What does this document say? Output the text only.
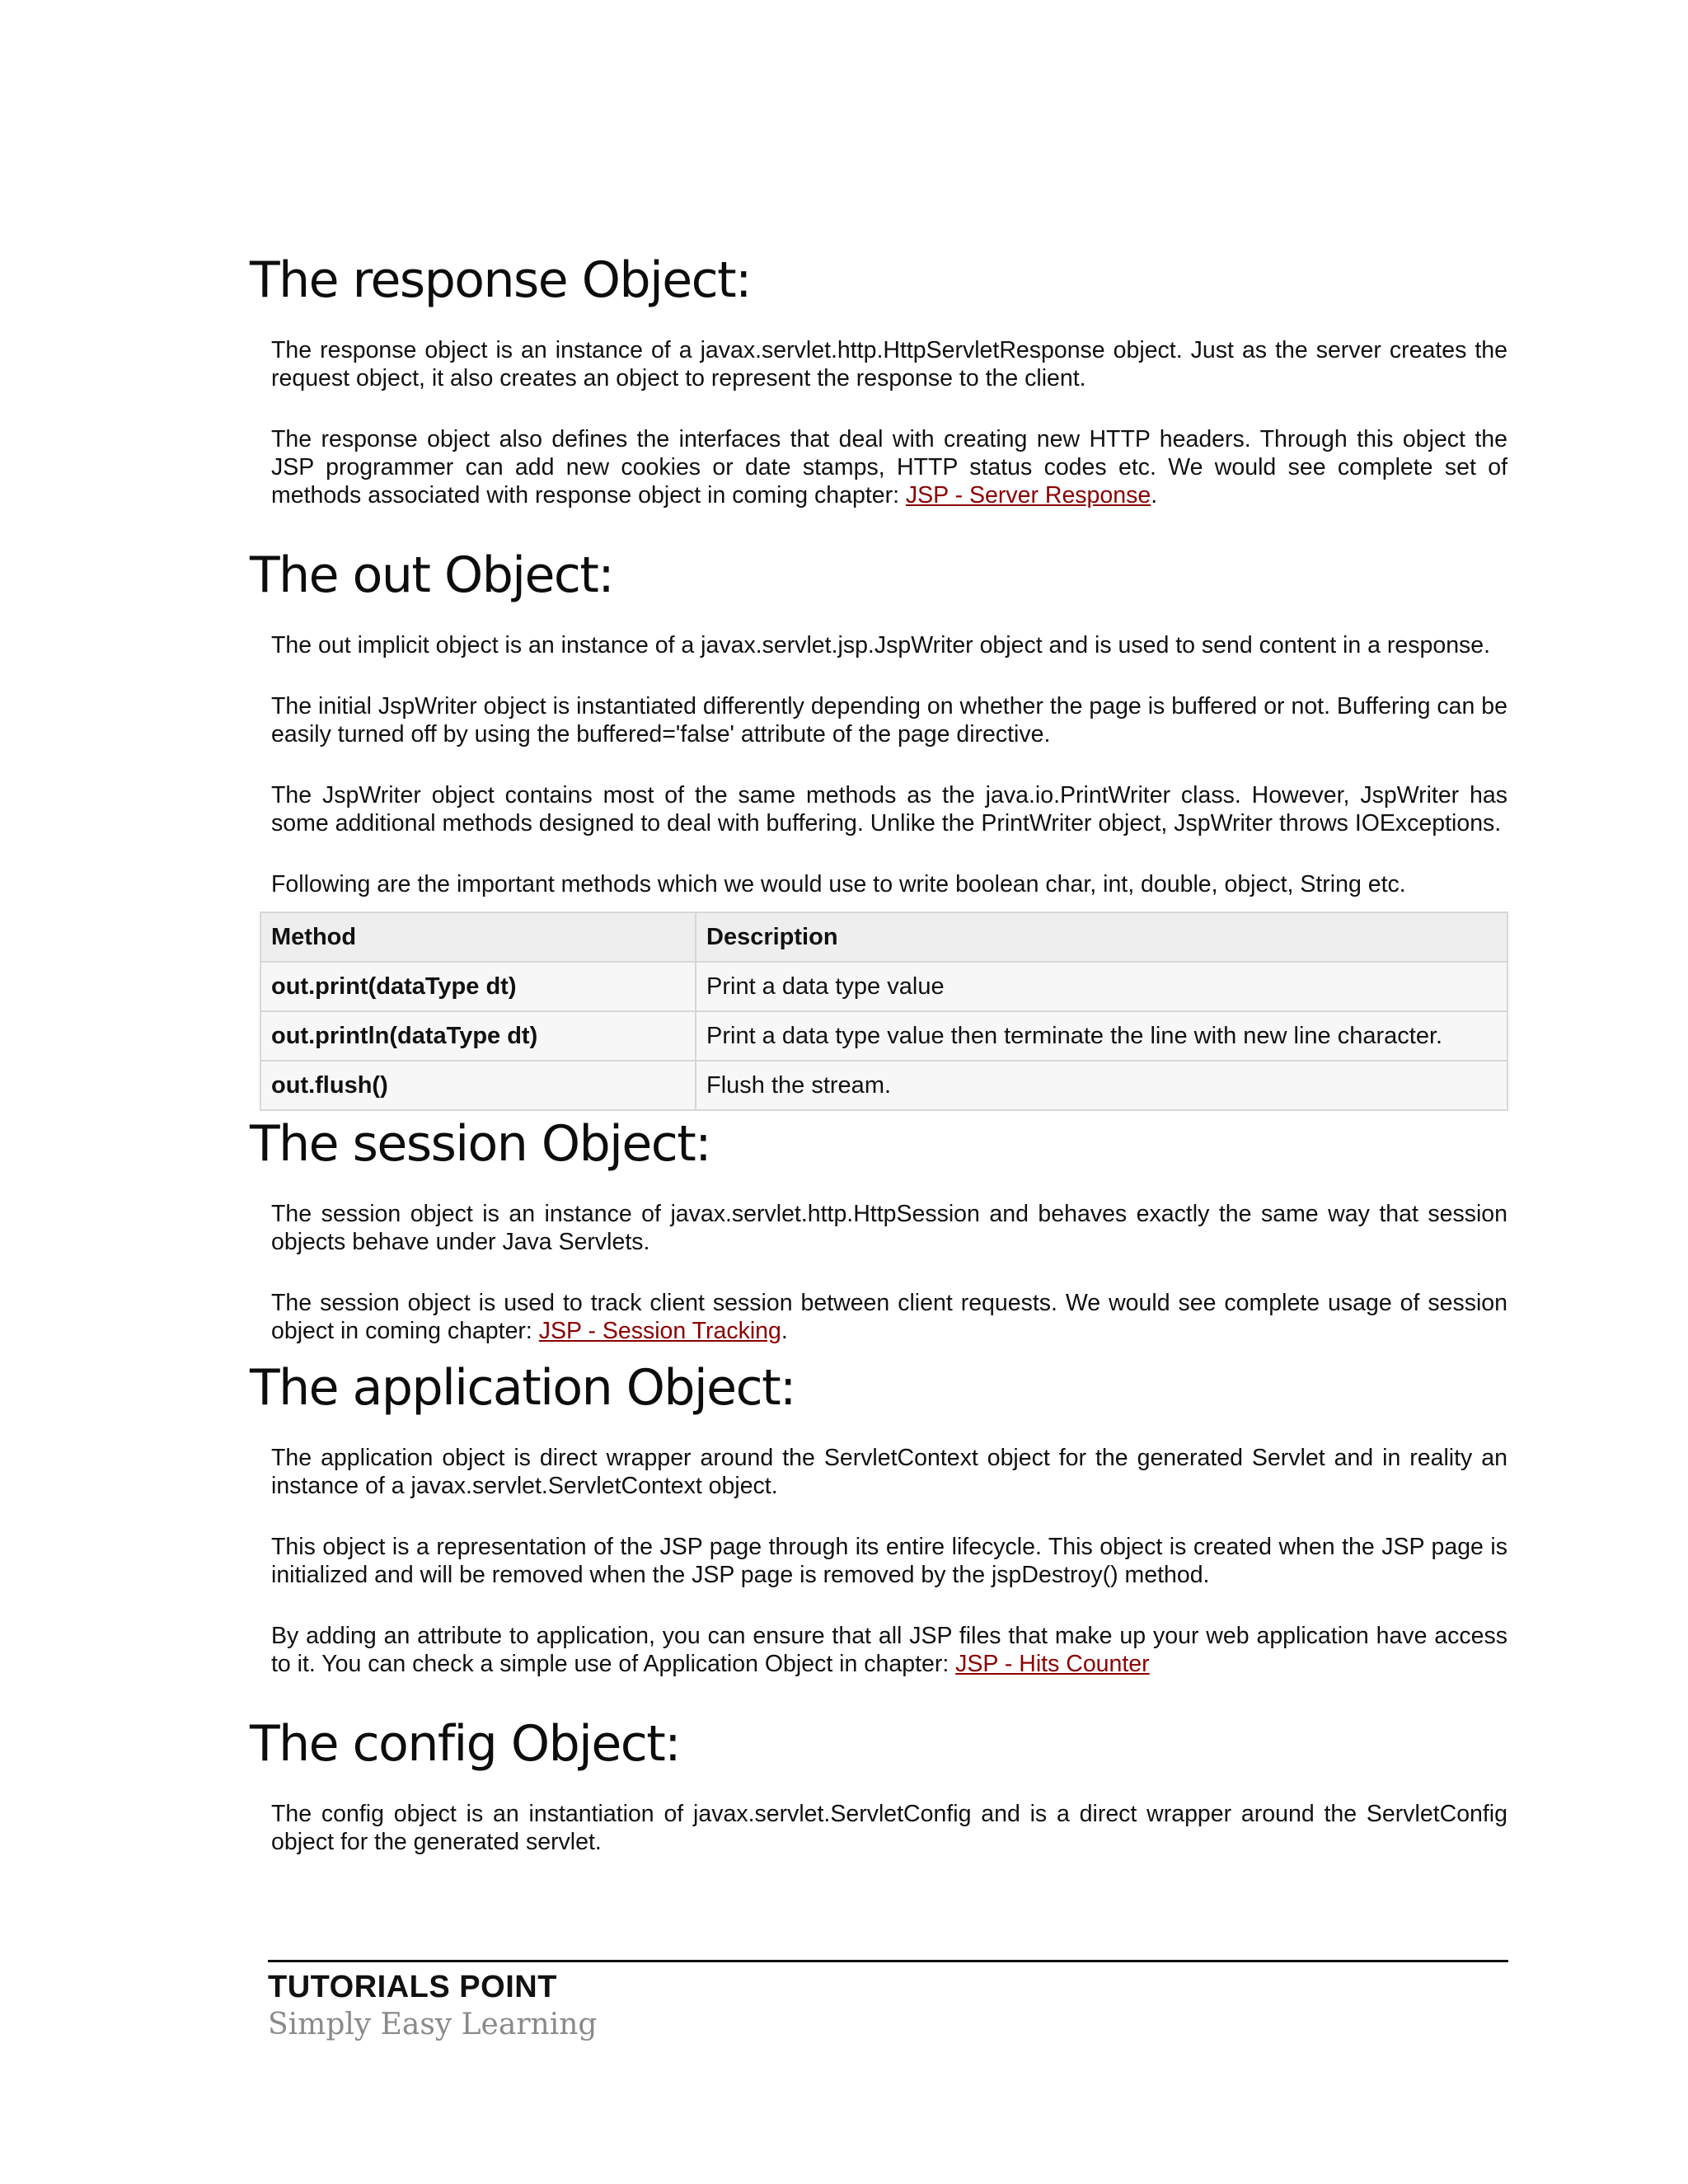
The response Object:

The response object is an instance of a javax.servlet.http.HttpServletResponse object. Just as the server creates the request object, it also creates an object to represent the response to the client.

The response object also defines the interfaces that deal with creating new HTTP headers. Through this object the JSP programmer can add new cookies or date stamps, HTTP status codes etc. We would see complete set of methods associated with response object in coming chapter: JSP - Server Response.

The out Object:

The out implicit object is an instance of a javax.servlet.jsp.JspWriter object and is used to send content in a response.

The initial JspWriter object is instantiated differently depending on whether the page is buffered or not. Buffering can be easily turned off by using the buffered='false' attribute of the page directive.

The JspWriter object contains most of the same methods as the java.io.PrintWriter class. However, JspWriter has some additional methods designed to deal with buffering. Unlike the PrintWriter object, JspWriter throws IOExceptions.

Following are the important methods which we would use to write boolean char, int, double, object, String etc.

Method	Description
out.print(dataType dt)	Print a data type value
out.println(dataType dt)	Print a data type value then terminate the line with new line character.
out.flush()	Flush the stream.
The session Object:

The session object is an instance of javax.servlet.http.HttpSession and behaves exactly the same way that session objects behave under Java Servlets.

The session object is used to track client session between client requests. We would see complete usage of session object in coming chapter: JSP - Session Tracking.

The application Object:

The application object is direct wrapper around the ServletContext object for the generated Servlet and in reality an instance of a javax.servlet.ServletContext object.

This object is a representation of the JSP page through its entire lifecycle. This object is created when the JSP page is initialized and will be removed when the JSP page is removed by the jspDestroy() method.

By adding an attribute to application, you can ensure that all JSP files that make up your web application have access to it. You can check a simple use of Application Object in chapter: JSP - Hits Counter

The config Object:

The config object is an instantiation of javax.servlet.ServletConfig and is a direct wrapper around the ServletConfig object for the generated servlet.

TUTORIALS POINT
Simply Easy Learning
